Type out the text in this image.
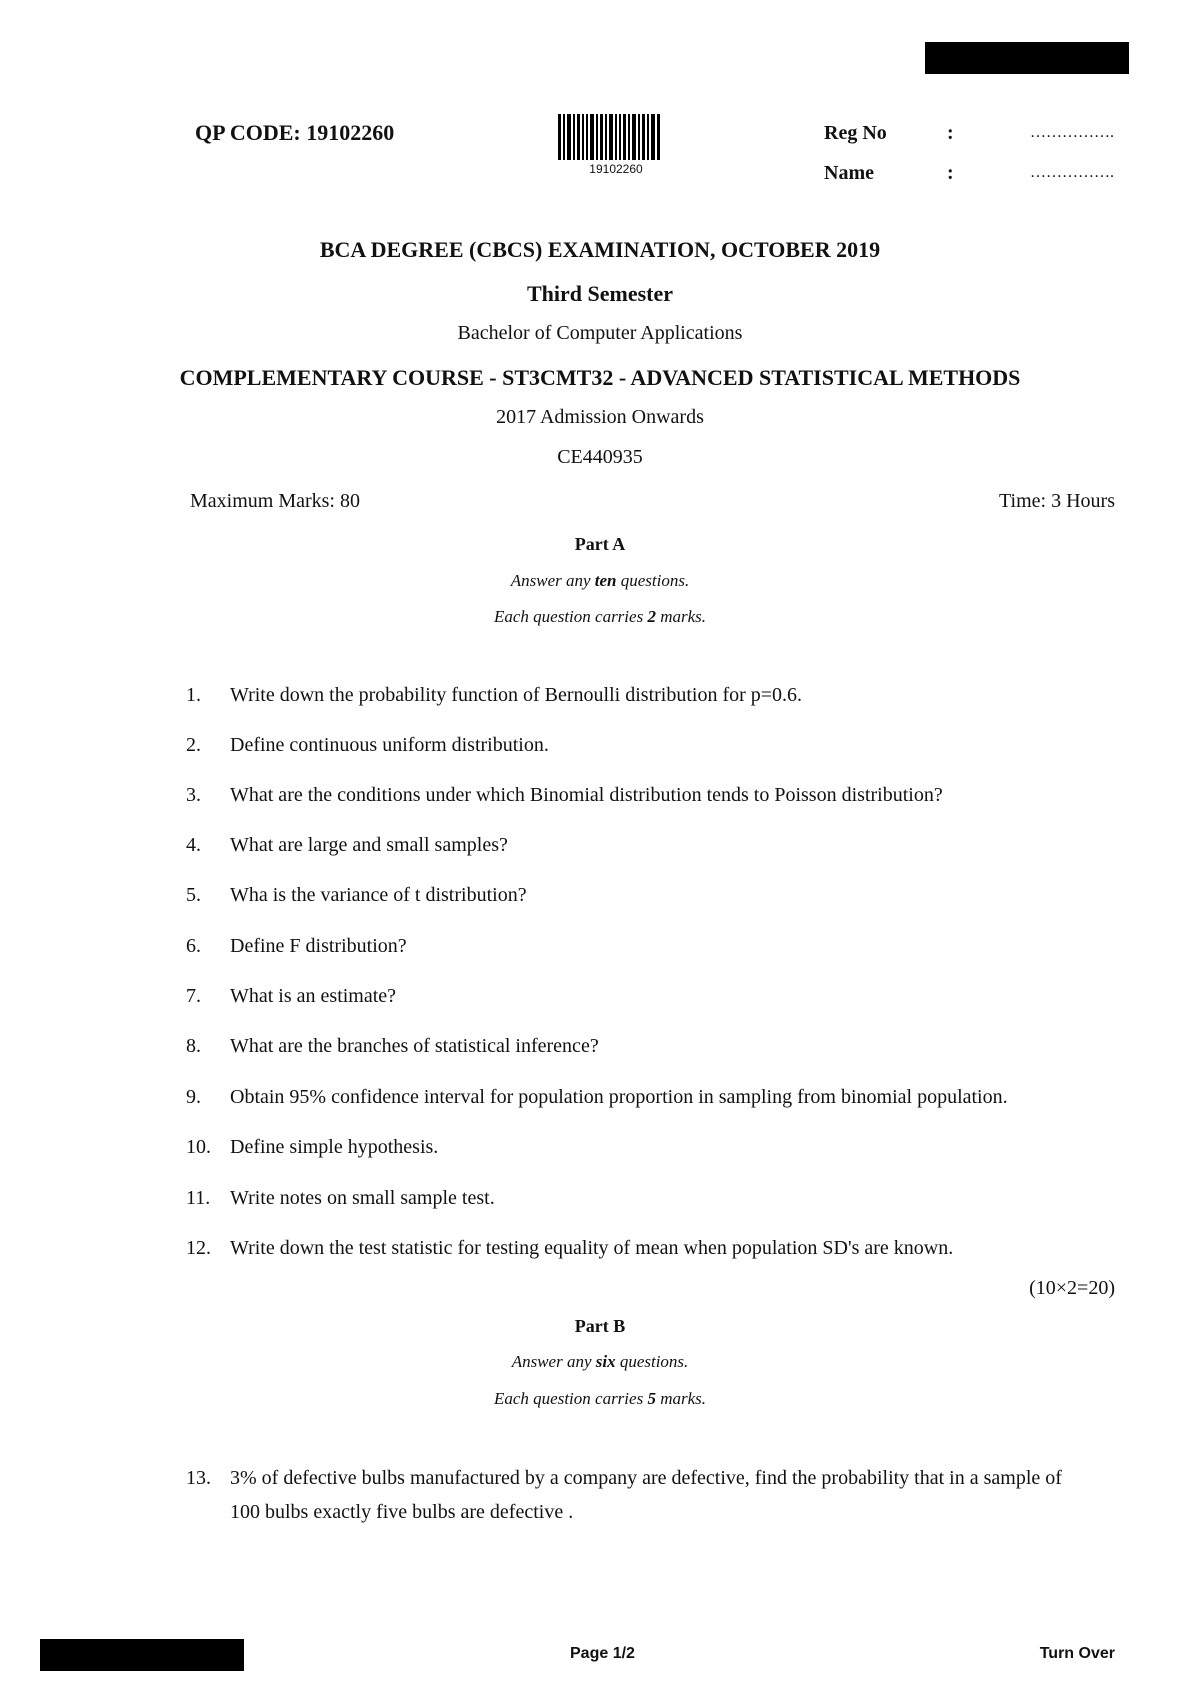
QP CODE: 19102260
19102260
Reg No	:	…………….
Name	:	…………….
BCA DEGREE (CBCS) EXAMINATION, OCTOBER 2019
Third Semester
Bachelor of Computer Applications
COMPLEMENTARY COURSE - ST3CMT32 - ADVANCED STATISTICAL METHODS
2017 Admission Onwards
CE440935
Maximum Marks: 80	Time: 3 Hours
Part A
Answer any ten questions.
Each question carries 2 marks.
1. Write down the probability function of Bernoulli distribution for p=0.6.
2. Define continuous uniform distribution.
3. What are the conditions under which Binomial distribution tends to Poisson distribution?
4. What are large and small samples?
5. Wha is the variance of t distribution?
6. Define F distribution?
7. What is an estimate?
8. What are the branches of statistical inference?
9. Obtain 95% confidence interval for population proportion in sampling from binomial population.
10. Define simple hypothesis.
11. Write notes on small sample test.
12. Write down the test statistic for testing equality of mean when population SD's are known.
(10×2=20)
Part B
Answer any six questions.
Each question carries 5 marks.
13. 3% of defective bulbs manufactured by a company are defective, find the probability that in a sample of 100 bulbs exactly five bulbs are defective .
Page 1/2	Turn Over
